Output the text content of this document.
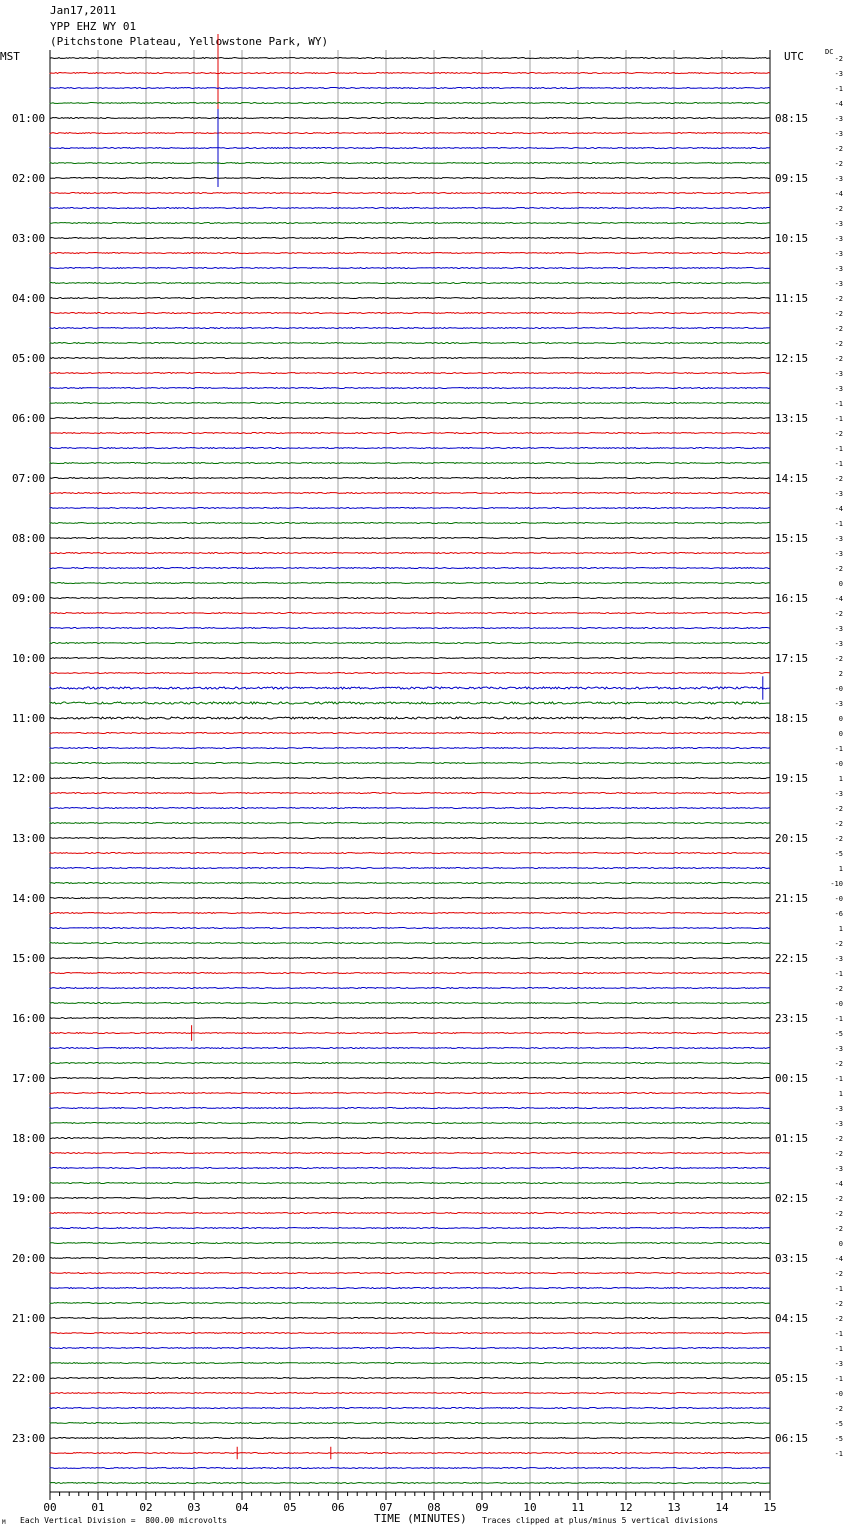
Jan17,2011
YPP EHZ WY 01
(Pitchstone Plateau, Yellowstone Park, WY)
MST	UTC	DC
00	01	02	03	04	05	06	07	08	09	10	11	12	13	14	15
-2
-3
-1
-4
01:00	08:15	-3
-3
-2
-2
02:00	09:15	-3
-4
-2
-3
03:00	10:15	-3
-3
-3
-3
04:00	11:15	-2
-2
-2
-2
05:00	12:15	-2
-3
-3
-1
06:00	13:15	-1
-2
-1
-1
07:00	14:15	-2
-3
-4
-1
08:00	15:15	-3
-3
-2
0
09:00	16:15	-4
-2
-3
-3
10:00	17:15	-2
2
-0
-3
11:00	18:15	0
0
-1
-0
12:00	19:15	1
-3
-2
-2
13:00	20:15	-2
-5
1
-10
14:00	21:15	-0
-6
1
-2
15:00	22:15	-3
-1
-2
-0
16:00	23:15	-1
-5
-3
-2
17:00	00:15	-1
1
-3
-3
18:00	01:15	-2
-2
-3
-4
19:00	02:15	-2
-2
-2
0
20:00	03:15	-4
-2
-1
-2
21:00	04:15	-2
-1
-1
-3
22:00	05:15	-1
-0
-2
-5
23:00	06:15	-5
-1
M Each Vertical Division =  800.00 microvolts	TIME (MINUTES) Traces clipped at plus/minus 5 vertical divisions
